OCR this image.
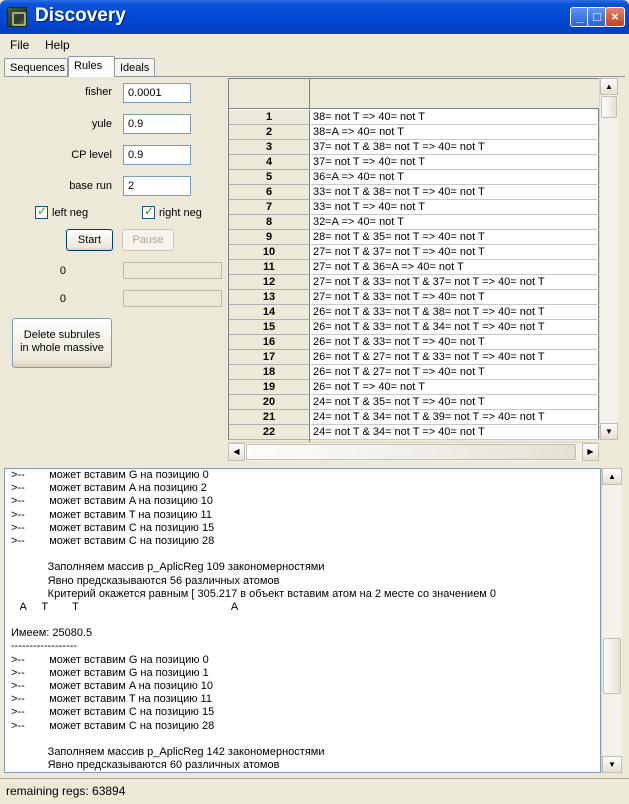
Discovery	_ □ ×
File Help
Sequences Rules	Ideals
fisher	0.0001
yule	0.9
CP level	0.9
base run	2
✓
left neg
✓	right neg
Start	Pause
0
0
Delete subrules
in whole massive
1	38= not T => 40= not T
2	38=A => 40= not T
3	37= not T & 38= not T => 40= not T
4	37= not T => 40= not T
5	36=A => 40= not T
6	33= not T & 38= not T => 40= not T
7	33= not T => 40= not T
8	32=A => 40= not T
9	28= not T & 35= not T => 40= not T
10	27= not T & 37= not T => 40= not T
11	27= not T & 36=A => 40= not T
12	27= not T & 33= not T & 37= not T => 40= not T
13	27= not T & 33= not T => 40= not T
14	26= not T & 33= not T & 38= not T => 40= not T
15	26= not T & 33= not T & 34= not T => 40= not T
16	26= not T & 33= not T => 40= not T
17	26= not T & 27= not T & 33= not T => 40= not T
18	26= not T & 27= not T => 40= not T
19	26= not T => 40= not T
20	24= not T & 35= not T => 40= not T
21	24= not T & 34= not T & 39= not T => 40= not T
22	24= not T & 34= not T => 40= not T
▲
▼
◀	▶
>--        может вставим G на позицию 0
>--        может вставим A на позицию 2
>--        может вставим A на позицию 10
>--        может вставим T на позицию 11
>--        может вставим C на позицию 15
>--        может вставим C на позицию 28
Заполняем массив p_AplicReg 109 закономерностями
Явно предсказываются 56 различных атомов
Критерий окажется равным [ 305.217 в объект вставим атом на 2 месте со значением 0
A     T        T                                                  A
Имеем: 25080.5
------------------
>--        может вставим G на позицию 0
>--        может вставим G на позицию 1
>--        может вставим A на позицию 10
>--        может вставим T на позицию 11
>--        может вставим C на позицию 15
>--        может вставим C на позицию 28
Заполняем массив p_AplicReg 142 закономерностями
Явно предсказываются 60 различных атомов
▲
▼
remaining regs: 63894
